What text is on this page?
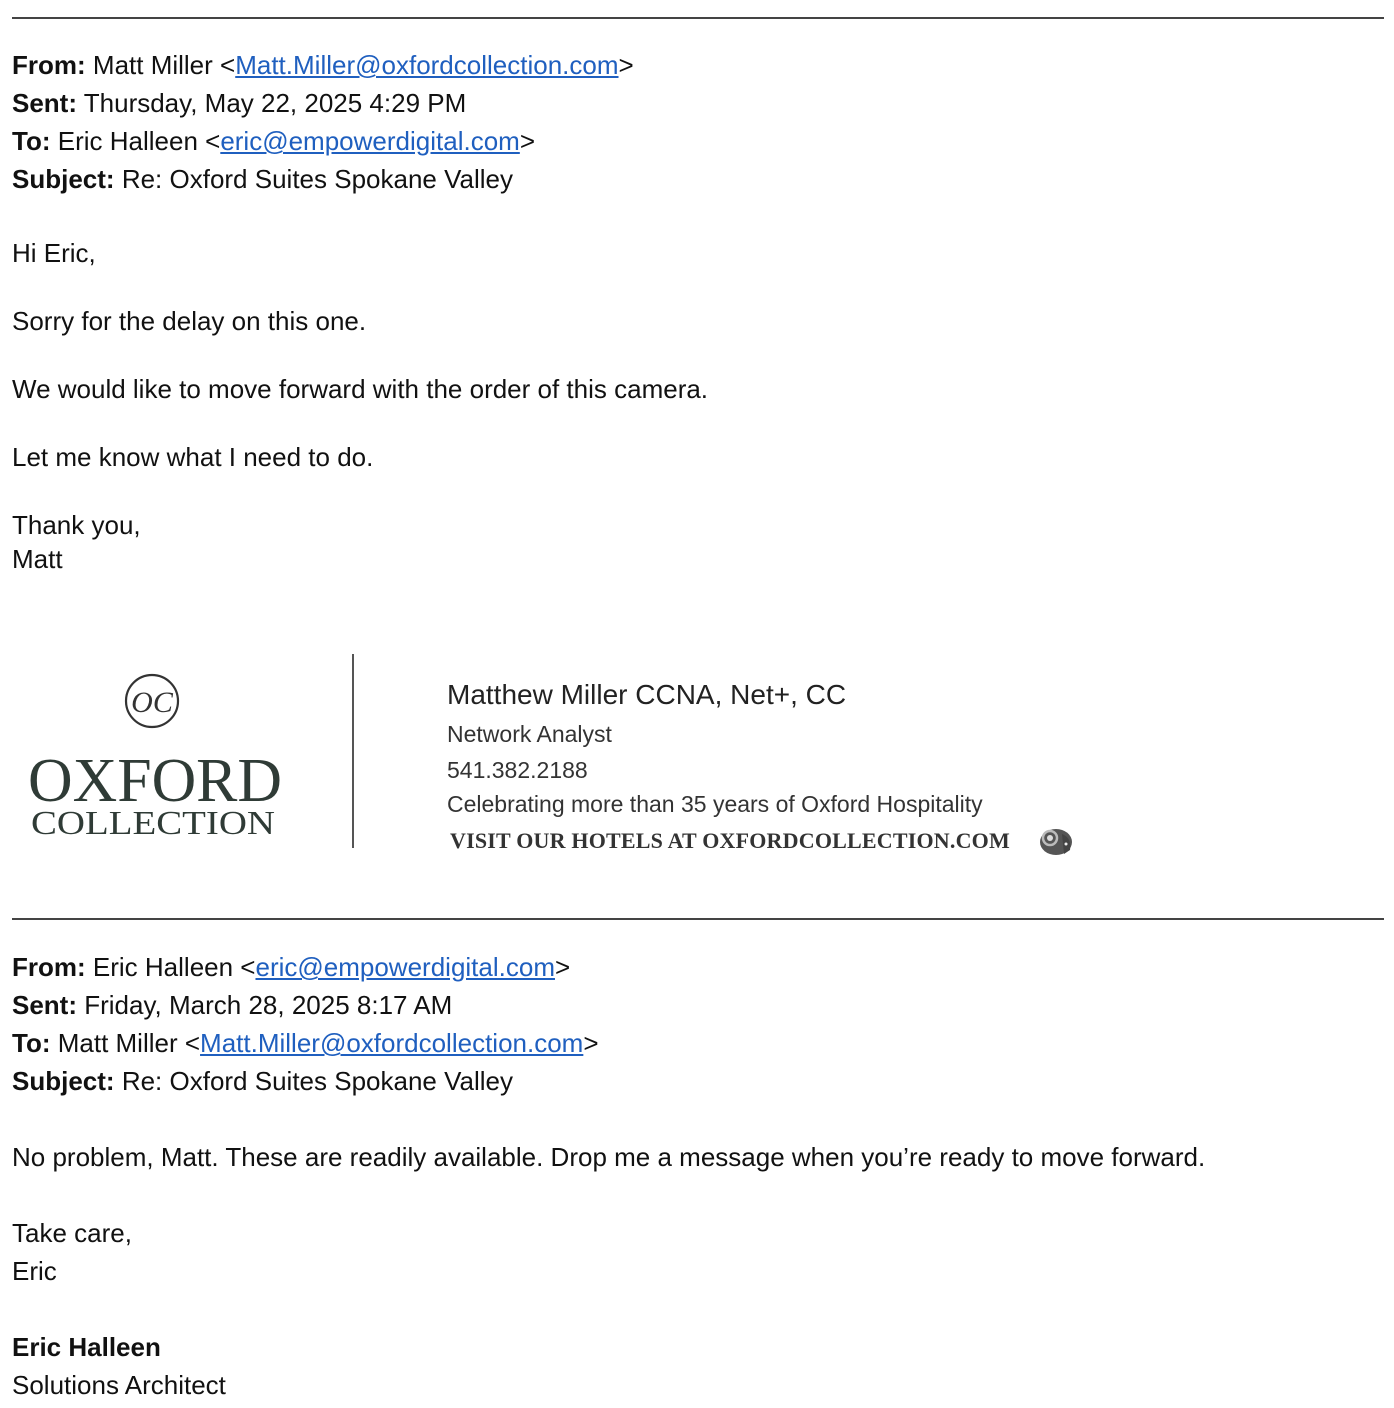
From: Matt Miller <Matt.Miller@oxfordcollection.com>
Sent: Thursday, May 22, 2025 4:29 PM
To: Eric Halleen <eric@empowerdigital.com>
Subject: Re: Oxford Suites Spokane Valley
Hi Eric,
Sorry for the delay on this one.
We would like to move forward with the order of this camera.
Let me know what I need to do.
Thank you,
Matt
OC
OXFORD
COLLECTION
Matthew Miller CCNA, Net+, CC
Network Analyst
541.382.2188
Celebrating more than 35 years of Oxford Hospitality
VISIT OUR HOTELS AT OXFORDCOLLECTION.COM
From: Eric Halleen <eric@empowerdigital.com>
Sent: Friday, March 28, 2025 8:17 AM
To: Matt Miller <Matt.Miller@oxfordcollection.com>
Subject: Re: Oxford Suites Spokane Valley
No problem, Matt. These are readily available. Drop me a message when you’re ready to move forward.
Take care,
Eric
Eric Halleen
Solutions Architect
